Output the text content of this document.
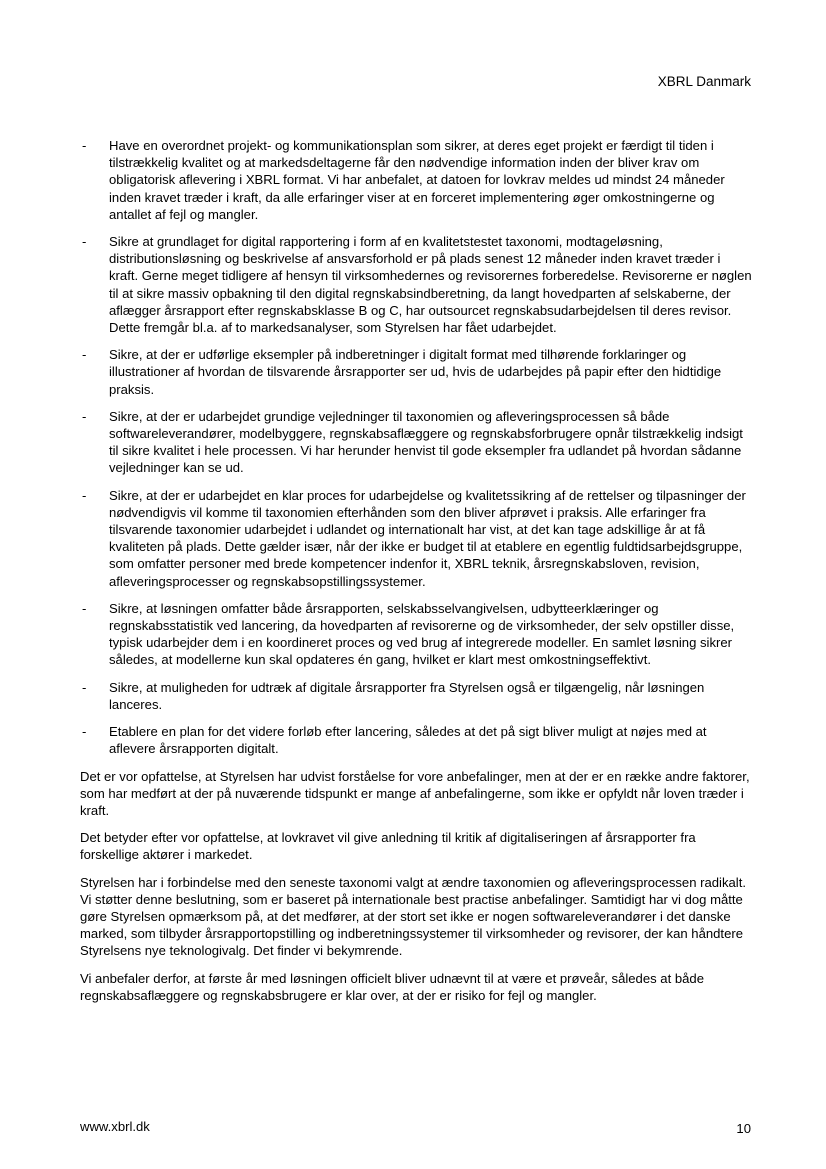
XBRL Danmark
- Have en overordnet projekt- og kommunikationsplan som sikrer, at deres eget projekt er færdigt til tiden i tilstrækkelig kvalitet og at markedsdeltagerne får den nødvendige information inden der bliver krav om obligatorisk aflevering i XBRL format. Vi har anbefalet, at datoen for lovkrav meldes ud mindst 24 måneder inden kravet træder i kraft, da alle erfaringer viser at en forceret implementering øger omkostningerne og antallet af fejl og mangler.
- Sikre at grundlaget for digital rapportering i form af en kvalitetstestet taxonomi, modtageløsning, distributionsløsning og beskrivelse af ansvarsforhold er på plads senest 12 måneder inden kravet træder i kraft. Gerne meget tidligere af hensyn til virksomhedernes og revisorernes forberedelse. Revisorerne er nøglen til at sikre massiv opbakning til den digital regnskabsindberetning, da langt hovedparten af selskaberne, der aflægger årsrapport efter regnskabsklasse B og C, har outsourcet regnskabsudarbejdelsen til deres revisor. Dette fremgår bl.a. af to markedsanalyser, som Styrelsen har fået udarbejdet.
- Sikre, at der er udførlige eksempler på indberetninger i digitalt format med tilhørende forklaringer og illustrationer af hvordan de tilsvarende årsrapporter ser ud, hvis de udarbejdes på papir efter den hidtidige praksis.
- Sikre, at der er udarbejdet grundige vejledninger til taxonomien og afleveringsprocessen så både softwareleverandører, modelbyggere, regnskabsaflæggere og regnskabsforbrugere opnår tilstrækkelig indsigt til sikre kvalitet i hele processen. Vi har herunder henvist til gode eksempler fra udlandet på hvordan sådanne vejledninger kan se ud.
- Sikre, at der er udarbejdet en klar proces for udarbejdelse og kvalitetssikring af de rettelser og tilpasninger der nødvendigvis vil komme til taxonomien efterhånden som den bliver afprøvet i praksis. Alle erfaringer fra tilsvarende taxonomier udarbejdet i udlandet og internationalt har vist, at det kan tage adskillige år at få kvaliteten på plads. Dette gælder især, når der ikke er budget til at etablere en egentlig fuldtidsarbejdsgruppe, som omfatter personer med brede kompetencer indenfor it, XBRL teknik, årsregnskabsloven, revision, afleveringsprocesser og regnskabsopstillingssystemer.
- Sikre, at løsningen omfatter både årsrapporten, selskabsselvangivelsen, udbytteerklæringer og regnskabsstatistik ved lancering, da hovedparten af revisorerne og de virksomheder, der selv opstiller disse, typisk udarbejder dem i en koordineret proces og ved brug af integrerede modeller. En samlet løsning sikrer således, at modellerne kun skal opdateres én gang, hvilket er klart mest omkostningseffektivt.
- Sikre, at muligheden for udtræk af digitale årsrapporter fra Styrelsen også er tilgængelig, når løsningen lanceres.
- Etablere en plan for det videre forløb efter lancering, således at det på sigt bliver muligt at nøjes med at aflevere årsrapporten digitalt.

Det er vor opfattelse, at Styrelsen har udvist forståelse for vore anbefalinger, men at der er en række andre faktorer, som har medført at der på nuværende tidspunkt er mange af anbefalingerne, som ikke er opfyldt når loven træder i kraft.

Det betyder efter vor opfattelse, at lovkravet vil give anledning til kritik af digitaliseringen af årsrapporter fra forskellige aktører i markedet.

Styrelsen har i forbindelse med den seneste taxonomi valgt at ændre taxonomien og afleveringsprocessen radikalt. Vi støtter denne beslutning, som er baseret på internationale best practise anbefalinger. Samtidigt har vi dog måtte gøre Styrelsen opmærksom på, at det medfører, at der stort set ikke er nogen softwareleverandører i det danske marked, som tilbyder årsrapportopstilling og indberetningssystemer til virksomheder og revisorer, der kan håndtere Styrelsens nye teknologivalg. Det finder vi bekymrende.

Vi anbefaler derfor, at første år med løsningen officielt bliver udnævnt til at være et prøveår, således at både regnskabsaflæggere og regnskabsbrugere er klar over, at der er risiko for fejl og mangler.

www.xbrl.dk	10
